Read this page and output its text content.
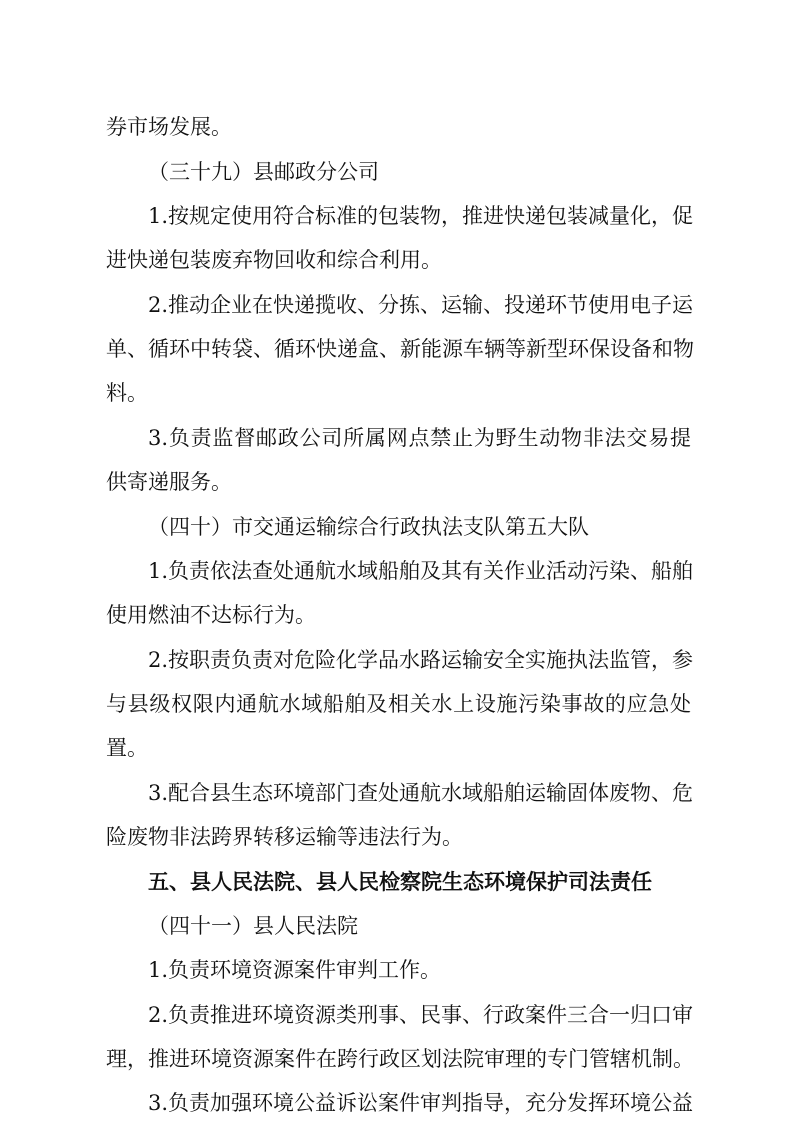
券市场发展。
（三十九）县邮政分公司
1.按规定使用符合标准的包装物，推进快递包装减量化，促
进快递包装废弃物回收和综合利用。
2.推动企业在快递揽收、分拣、运输、投递环节使用电子运
单、循环中转袋、循环快递盒、新能源车辆等新型环保设备和物
料。
3.负责监督邮政公司所属网点禁止为野生动物非法交易提
供寄递服务。
（四十）市交通运输综合行政执法支队第五大队
1.负责依法查处通航水域船舶及其有关作业活动污染、船舶
使用燃油不达标行为。
2.按职责负责对危险化学品水路运输安全实施执法监管，参
与县级权限内通航水域船舶及相关水上设施污染事故的应急处
置。
3.配合县生态环境部门查处通航水域船舶运输固体废物、危
险废物非法跨界转移运输等违法行为。
五、县人民法院、县人民检察院生态环境保护司法责任
（四十一）县人民法院
1.负责环境资源案件审判工作。
2.负责推进环境资源类刑事、民事、行政案件三合一归口审
理，推进环境资源案件在跨行政区划法院审理的专门管辖机制。
3.负责加强环境公益诉讼案件审判指导，充分发挥环境公益
